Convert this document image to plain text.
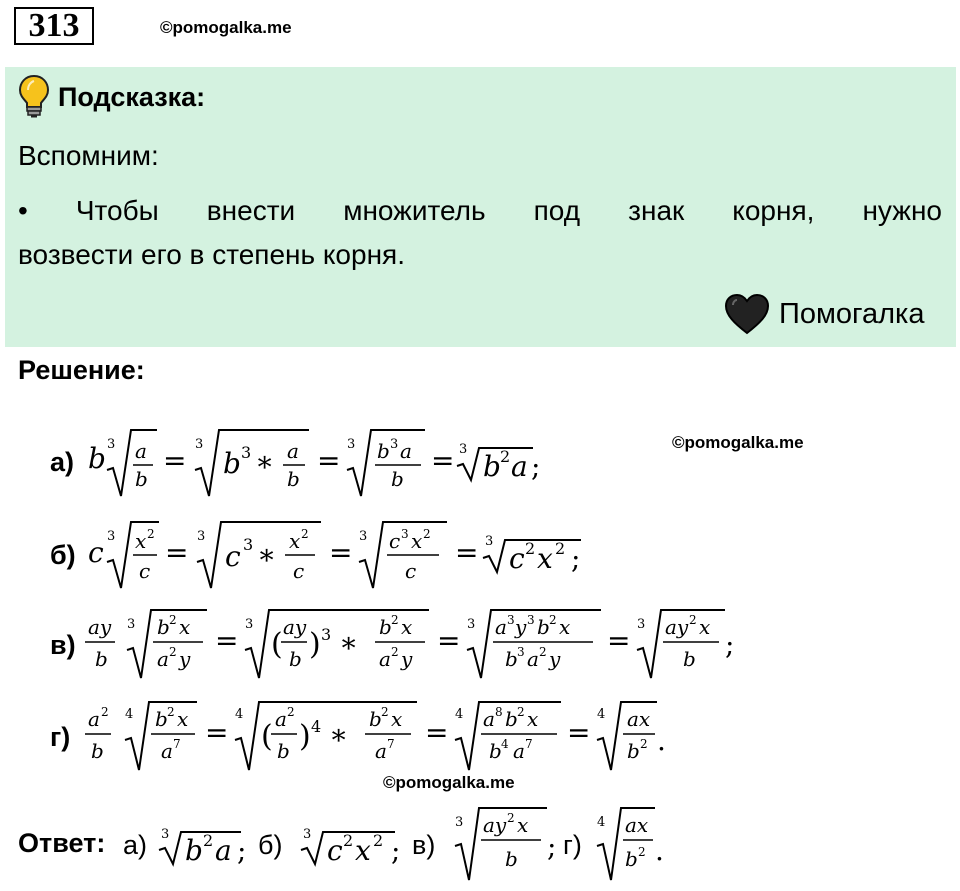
313	©pomogalka.me
Подсказка:
Вспомним:
• Чтобы внести множитель под знак корня, нужно
возвести его в степень корня.
Помогалка
Решение:
©pomogalka.me
а) b 3 a
b
= 3
b 3 ∗ a
b
= 3 b 3 a
b
= 3
b 2 a ;
б) c 3 x 2
c
= 3
c 3 ∗ x 2
c
= 3 c 3 x 2
c
= 3
c 2 x 2 ;
в)
ay
b
3 b 2 x
a 2 y
= 3
( ay
b ) 3 ∗ b 2 x
a 2 y
= 3 a 3 y 3 b 2 x
b 3 a 2 y
= 3 ay 2 x
b ;
г)
a 2
b
4 b 2 x
a 7 =
4
( a 2
b ) 4 ∗ b 2 x
a 7 =
4 a 8 b 2 x
b 4 a 7 =
4 ax
b 2 .
©pomogalka.me
Ответ: а)	б)	в)	г)
3 b 2 a ;	3 c 2 x 2 ;
3 ay 2 x
b ;
4 ax
b 2 .
